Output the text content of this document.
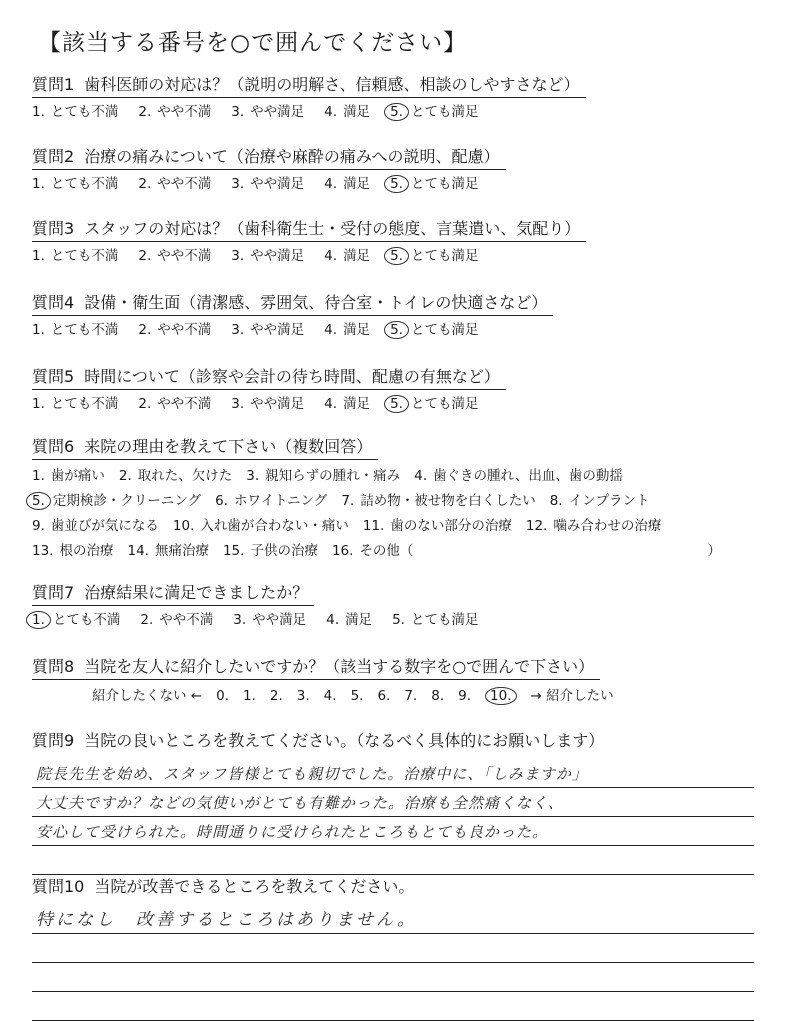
【該当する番号を○で囲んでください】
質問1 歯科医師の対応は？（説明の明解さ、信頼感、相談のしやすさなど）
1. とても不満 2. やや不満 3. やや満足 4. 満足 5. とても満足
質問2 治療の痛みについて（治療や麻酔の痛みへの説明、配慮）
1. とても不満 2. やや不満 3. やや満足 4. 満足 5. とても満足
質問3 スタッフの対応は？（歯科衛生士・受付の態度、言葉遣い、気配り）
1. とても不満 2. やや不満 3. やや満足 4. 満足 5. とても満足
質問4 設備・衛生面（清潔感、雰囲気、待合室・トイレの快適さなど）
1. とても不満 2. やや不満 3. やや満足 4. 満足 5. とても満足
質問5 時間について（診察や会計の待ち時間、配慮の有無など）
1. とても不満 2. やや不満 3. やや満足 4. 満足 5. とても満足
質問6 来院の理由を教えて下さい（複数回答）
1. 歯が痛い 2. 取れた、欠けた 3. 親知らずの腫れ・痛み 4. 歯ぐきの腫れ、出血、歯の動揺
5. 定期検診・クリーニング 6. ホワイトニング 7. 詰め物・被せ物を白くしたい 8. インプラント
9. 歯並びが気になる 10. 入れ歯が合わない・痛い 11. 歯のない部分の治療 12. 噛み合わせの治療
13. 根の治療 14. 無痛治療 15. 子供の治療 16. その他（	）
質問7 治療結果に満足できましたか？
1. とても不満 2. やや不満 3. やや満足 4. 満足 5. とても満足
質問8 当院を友人に紹介したいですか？（該当する数字を○で囲んで下さい）
紹介したくない ← 0. 1. 2. 3. 4. 5. 6. 7. 8. 9. 10. → 紹介したい
質問9 当院の良いところを教えてください。（なるべく具体的にお願いします）
院長先生を始め、スタッフ皆様とても親切でした。治療中に、「しみますか」
大丈夫ですか？などの気使いがとても有難かった。治療も全然痛くなく、
安心して受けられた。時間通りに受けられたところもとても良かった。
質問10 当院が改善できるところを教えてください。
特になし　改善するところはありません。
